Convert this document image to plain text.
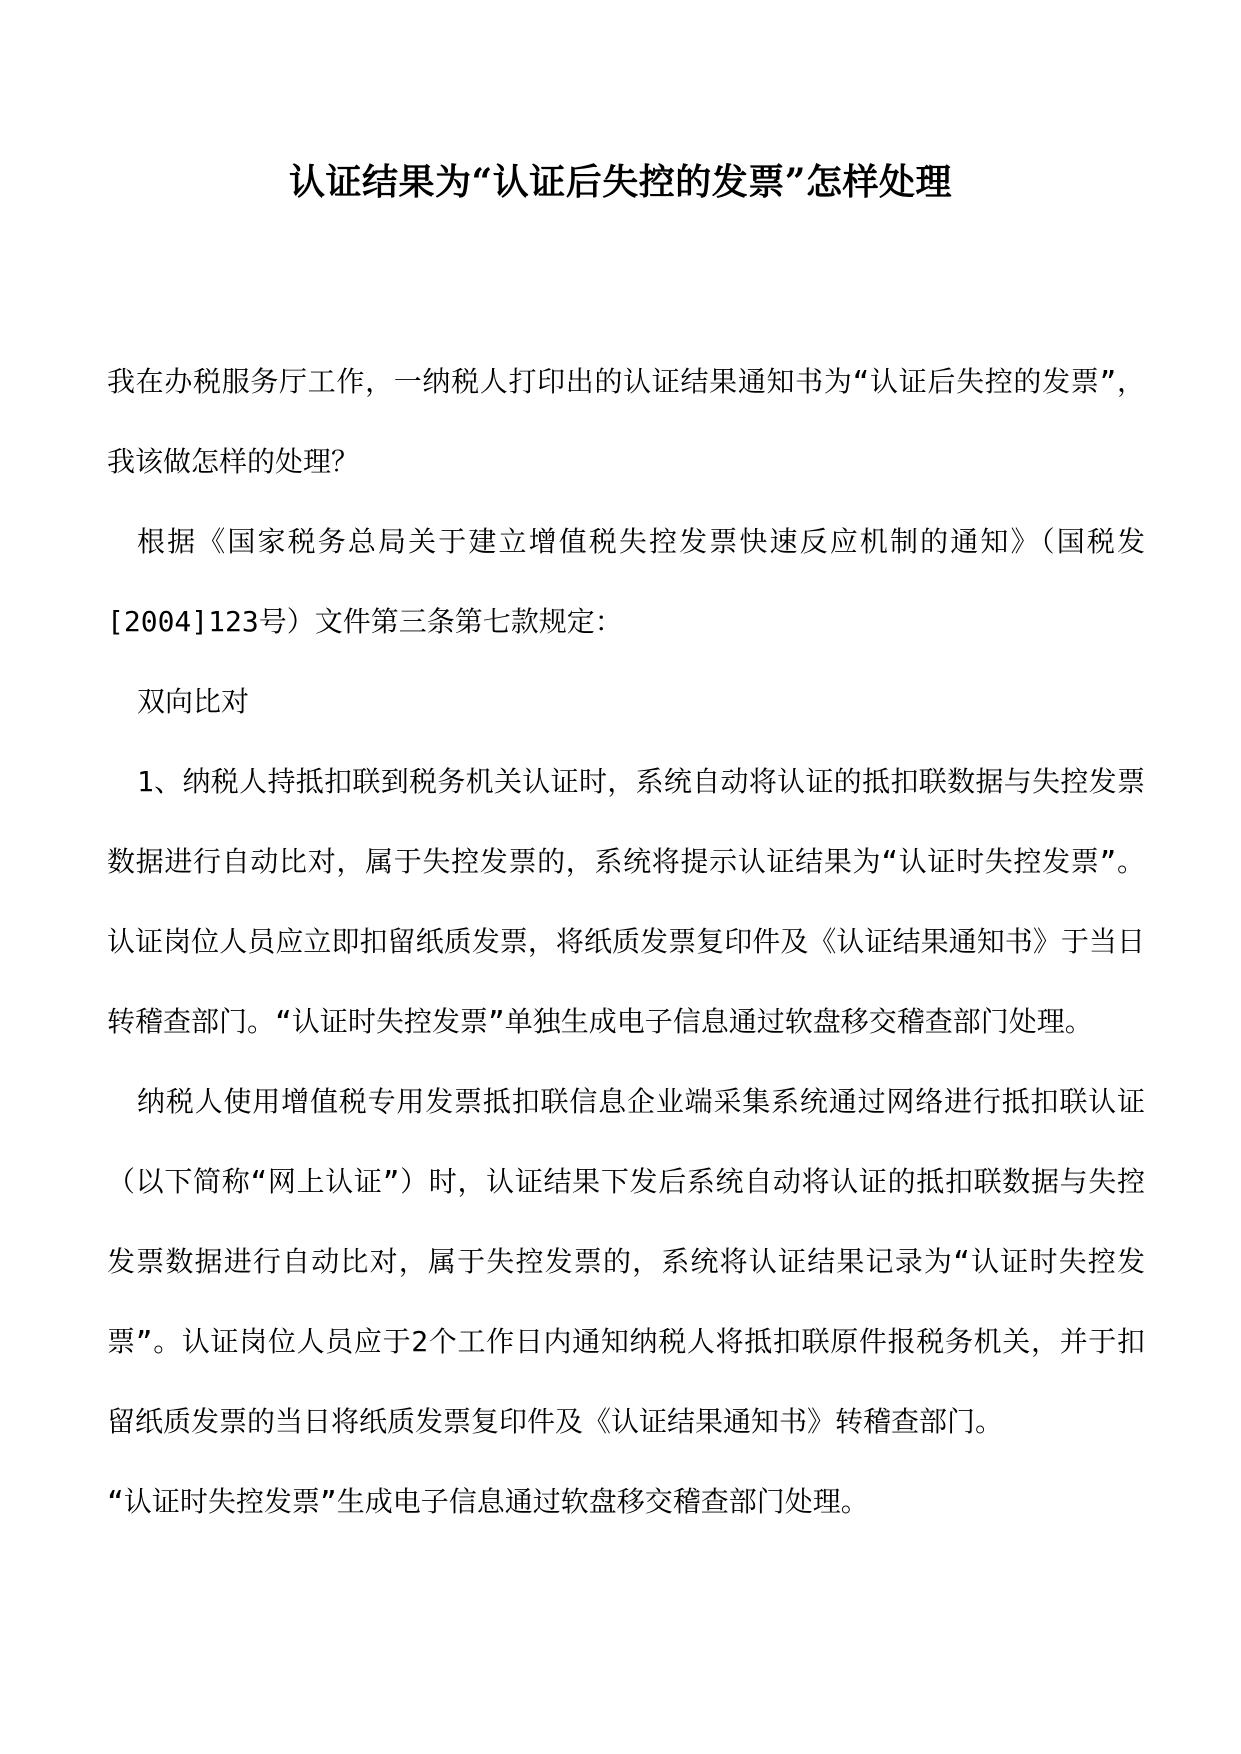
认证结果为“认证后失控的发票”怎样处理

我在办税服务厅工作，一纳税人打印出的认证结果通知书为“认证后失控的发票”，我该做怎样的处理？

根据《国家税务总局关于建立增值税失控发票快速反应机制的通知》（国税发[2004]123号）文件第三条第七款规定：

双向比对

1、纳税人持抵扣联到税务机关认证时，系统自动将认证的抵扣联数据与失控发票数据进行自动比对，属于失控发票的，系统将提示认证结果为“认证时失控发票”。认证岗位人员应立即扣留纸质发票，将纸质发票复印件及《认证结果通知书》于当日转稽查部门。“认证时失控发票”单独生成电子信息通过软盘移交稽查部门处理。

纳税人使用增值税专用发票抵扣联信息企业端采集系统通过网络进行抵扣联认证（以下简称“网上认证”）时，认证结果下发后系统自动将认证的抵扣联数据与失控发票数据进行自动比对，属于失控发票的，系统将认证结果记录为“认证时失控发票”。认证岗位人员应于2个工作日内通知纳税人将抵扣联原件报税务机关，并于扣留纸质发票的当日将纸质发票复印件及《认证结果通知书》转稽查部门。

“认证时失控发票”生成电子信息通过软盘移交稽查部门处理。
